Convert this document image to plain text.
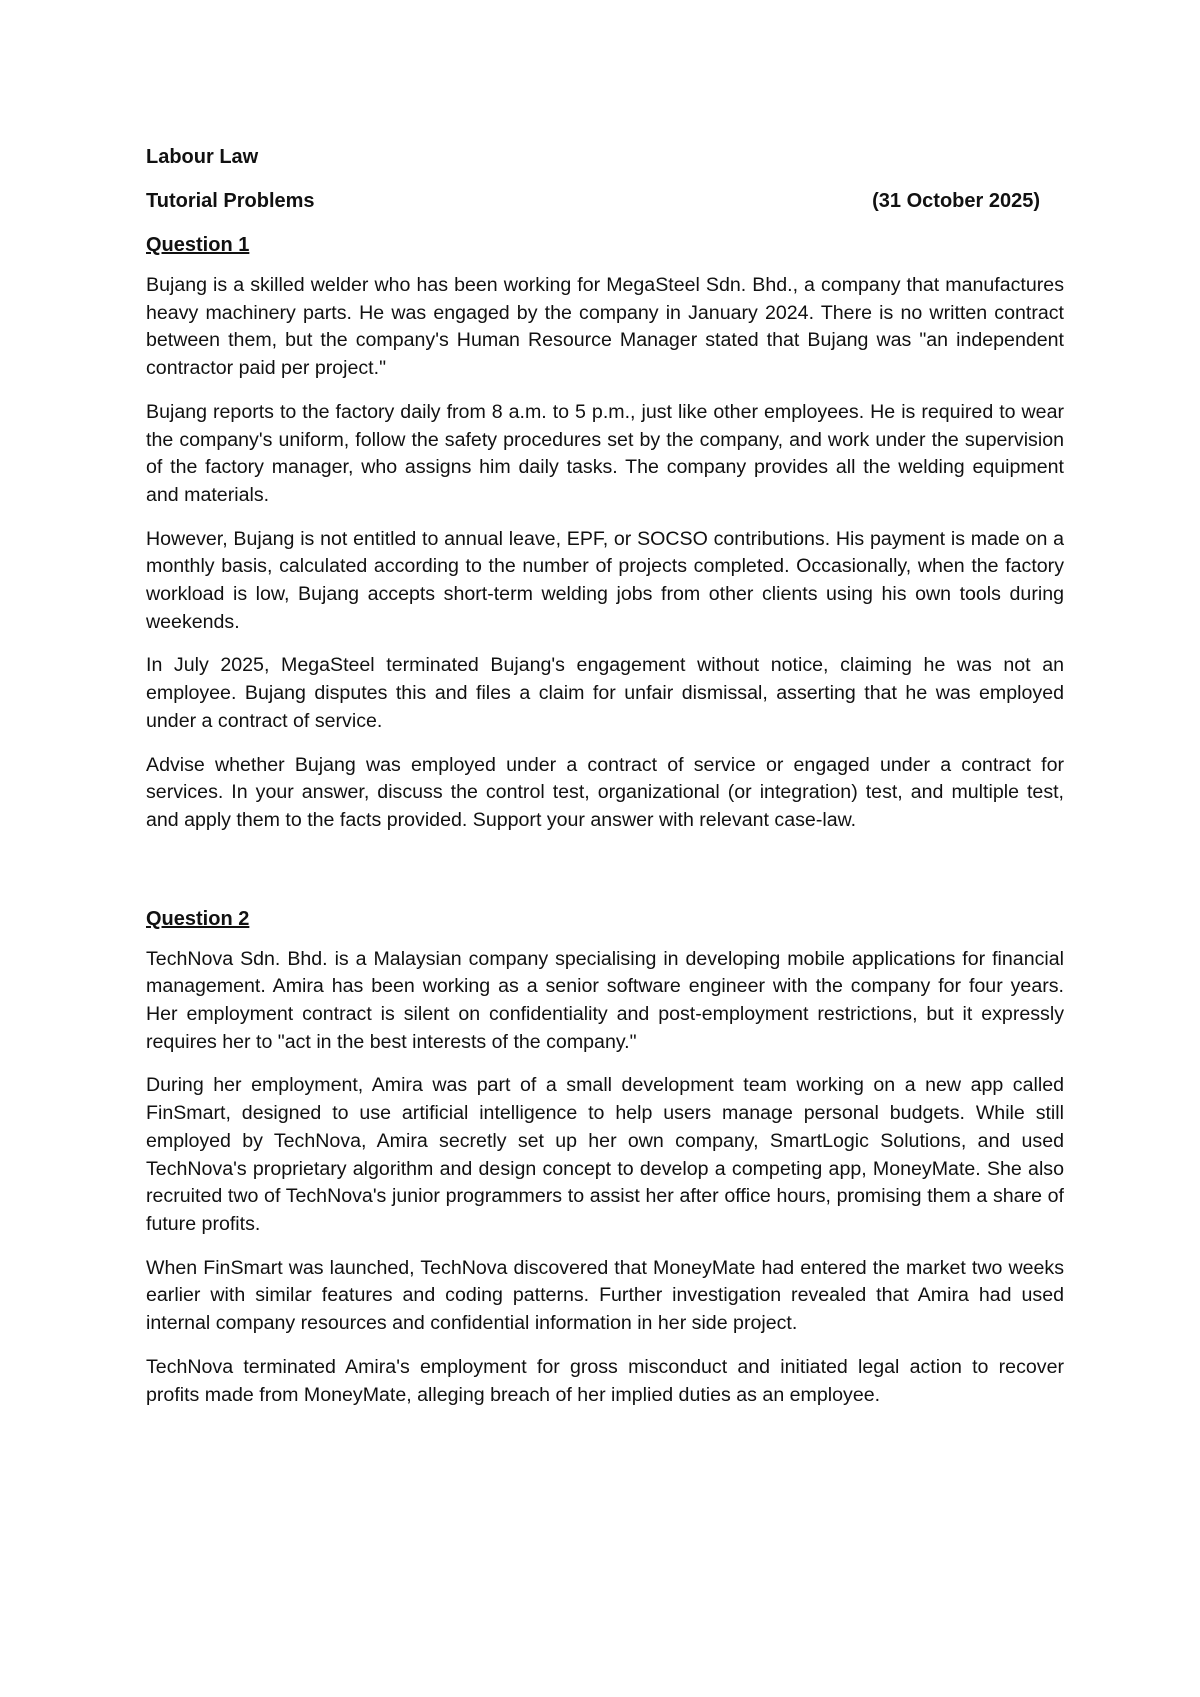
Labour Law

Tutorial Problems	(31 October 2025)

Question 1

Bujang is a skilled welder who has been working for MegaSteel Sdn. Bhd., a company that manufactures heavy machinery parts. He was engaged by the company in January 2024. There is no written contract between them, but the company's Human Resource Manager stated that Bujang was "an independent contractor paid per project."

Bujang reports to the factory daily from 8 a.m. to 5 p.m., just like other employees. He is required to wear the company's uniform, follow the safety procedures set by the company, and work under the supervision of the factory manager, who assigns him daily tasks. The company provides all the welding equipment and materials.

However, Bujang is not entitled to annual leave, EPF, or SOCSO contributions. His payment is made on a monthly basis, calculated according to the number of projects completed. Occasionally, when the factory workload is low, Bujang accepts short-term welding jobs from other clients using his own tools during weekends.

In July 2025, MegaSteel terminated Bujang's engagement without notice, claiming he was not an employee. Bujang disputes this and files a claim for unfair dismissal, asserting that he was employed under a contract of service.

Advise whether Bujang was employed under a contract of service or engaged under a contract for services. In your answer, discuss the control test, organizational (or integration) test, and multiple test, and apply them to the facts provided. Support your answer with relevant case-law.

Question 2

TechNova Sdn. Bhd. is a Malaysian company specialising in developing mobile applications for financial management. Amira has been working as a senior software engineer with the company for four years. Her employment contract is silent on confidentiality and post-employment restrictions, but it expressly requires her to "act in the best interests of the company."

During her employment, Amira was part of a small development team working on a new app called FinSmart, designed to use artificial intelligence to help users manage personal budgets. While still employed by TechNova, Amira secretly set up her own company, SmartLogic Solutions, and used TechNova's proprietary algorithm and design concept to develop a competing app, MoneyMate. She also recruited two of TechNova's junior programmers to assist her after office hours, promising them a share of future profits.

When FinSmart was launched, TechNova discovered that MoneyMate had entered the market two weeks earlier with similar features and coding patterns. Further investigation revealed that Amira had used internal company resources and confidential information in her side project.

TechNova terminated Amira's employment for gross misconduct and initiated legal action to recover profits made from MoneyMate, alleging breach of her implied duties as an employee.
